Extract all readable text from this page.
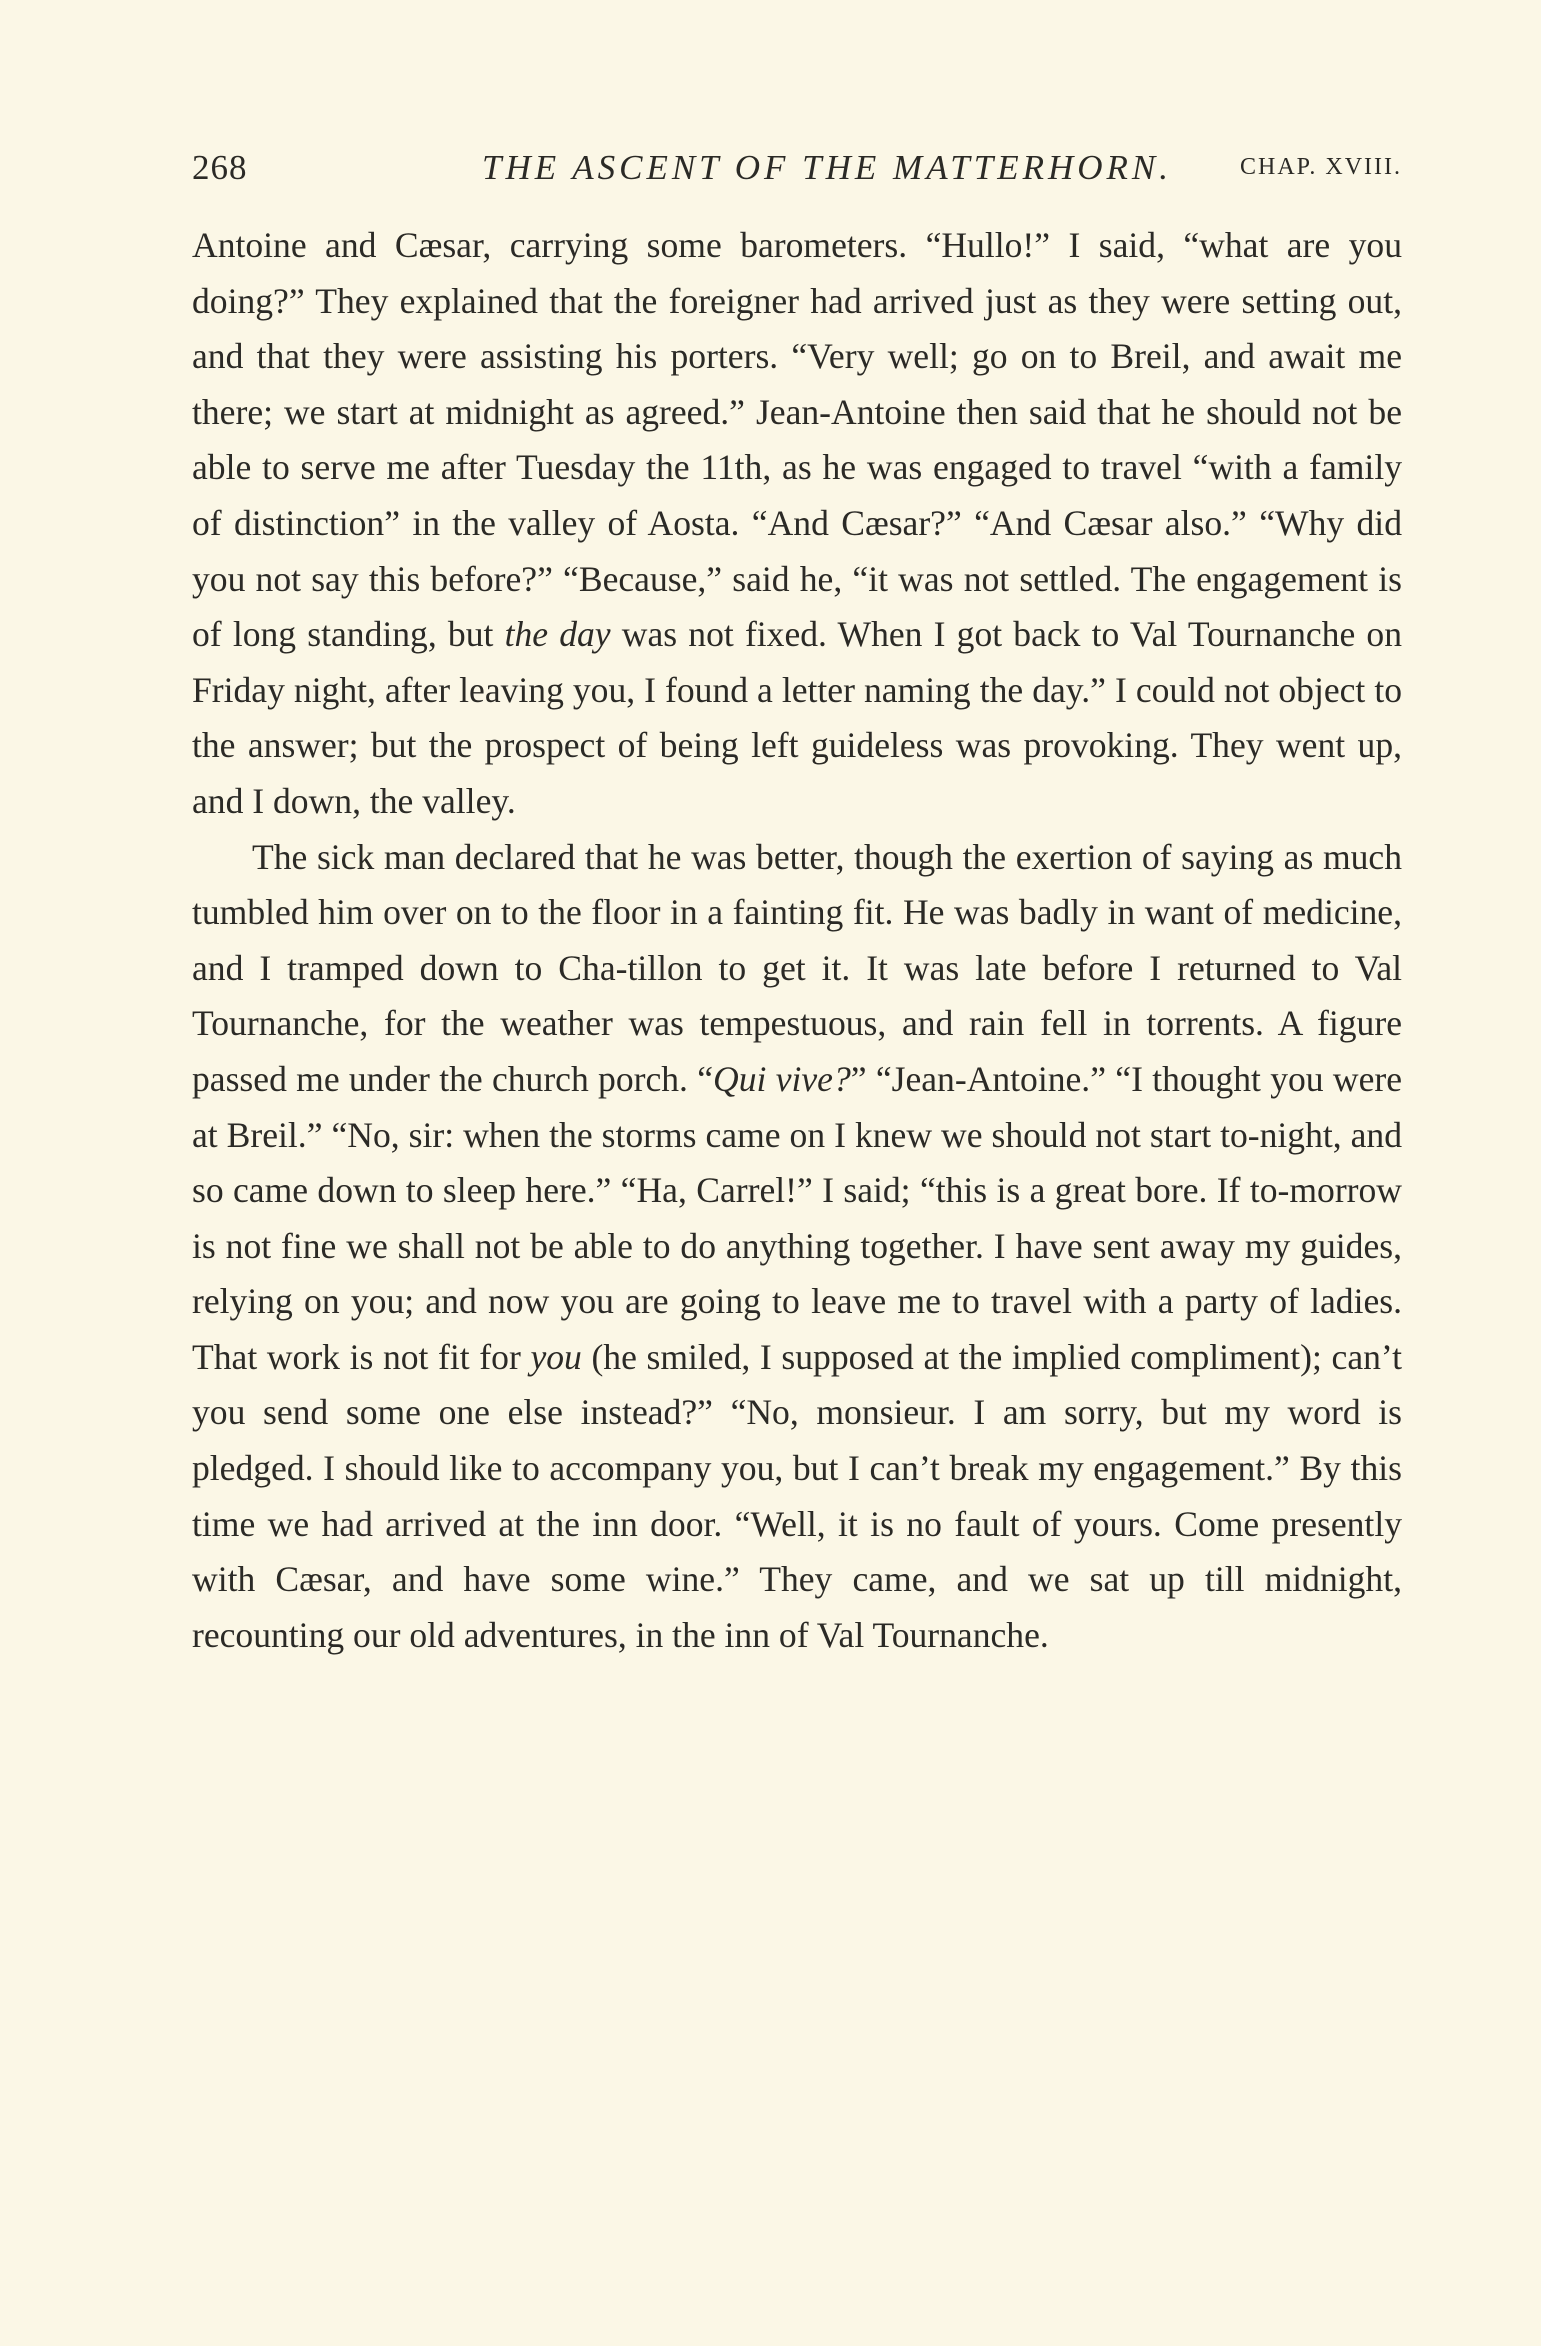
268	THE ASCENT OF THE MATTERHORN.	CHAP. XVIII.

Antoine and Cæsar, carrying some barometers. “Hullo!” I said, “what are you doing?” They explained that the foreigner had arrived just as they were setting out, and that they were assisting his porters. “Very well; go on to Breil, and await me there; we start at midnight as agreed.” Jean-Antoine then said that he should not be able to serve me after Tuesday the 11th, as he was engaged to travel “with a family of distinction” in the valley of Aosta. “And Cæsar?” “And Cæsar also.” “Why did you not say this before?” “Because,” said he, “it was not settled. The engagement is of long standing, but the day was not fixed. When I got back to Val Tournanche on Friday night, after leaving you, I found a letter naming the day.” I could not object to the answer; but the prospect of being left guideless was provoking. They went up, and I down, the valley.

The sick man declared that he was better, though the exertion of saying as much tumbled him over on to the floor in a fainting fit. He was badly in want of medicine, and I tramped down to Cha-tillon to get it. It was late before I returned to Val Tournanche, for the weather was tempestuous, and rain fell in torrents. A figure passed me under the church porch. “Qui vive?” “Jean-Antoine.” “I thought you were at Breil.” “No, sir: when the storms came on I knew we should not start to-night, and so came down to sleep here.” “Ha, Carrel!” I said; “this is a great bore. If to-morrow is not fine we shall not be able to do anything together. I have sent away my guides, relying on you; and now you are going to leave me to travel with a party of ladies. That work is not fit for you (he smiled, I supposed at the implied compliment); can’t you send some one else instead?” “No, monsieur. I am sorry, but my word is pledged. I should like to accompany you, but I can’t break my engagement.” By this time we had arrived at the inn door. “Well, it is no fault of yours. Come presently with Cæsar, and have some wine.” They came, and we sat up till midnight, recounting our old adventures, in the inn of Val Tournanche.
